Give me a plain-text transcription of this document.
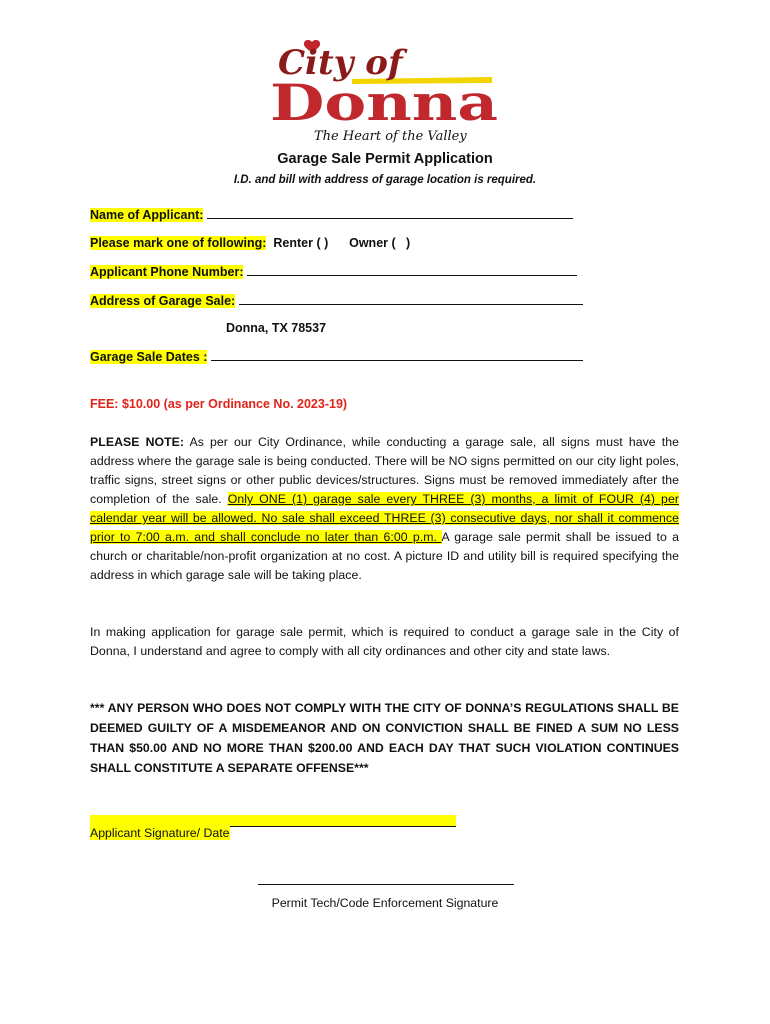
City of
Donna
The Heart of the Valley
Garage Sale Permit Application
I.D. and bill with address of garage location is required.
Name of Applicant:
Please mark one of following: Renter ( ) Owner (   )
Applicant Phone Number:
Address of Garage Sale:
Donna, TX 78537
Garage Sale Dates :
FEE: $10.00 (as per Ordinance No. 2023-19)
PLEASE NOTE: As per our City Ordinance, while conducting a garage sale, all signs must have the address where the garage sale is being conducted. There will be NO signs permitted on our city light poles, traffic signs, street signs or other public devices/structures. Signs must be removed immediately after the completion of the sale. Only ONE (1) garage sale every THREE (3) months, a limit of FOUR (4) per calendar year will be allowed. No sale shall exceed THREE (3) consecutive days, nor shall it commence prior to 7:00 a.m. and shall conclude no later than 6:00 p.m. A garage sale permit shall be issued to a church or charitable/non-profit organization at no cost. A picture ID and utility bill is required specifying the address in which garage sale will be taking place.
In making application for garage sale permit, which is required to conduct a garage sale in the City of Donna, I understand and agree to comply with all city ordinances and other city and state laws.
*** ANY PERSON WHO DOES NOT COMPLY WITH THE CITY OF DONNA’S REGULATIONS SHALL BE DEEMED GUILTY OF A MISDEMEANOR AND ON CONVICTION SHALL BE FINED A SUM NO LESS THAN $50.00 AND NO MORE THAN $200.00 AND EACH DAY THAT SUCH VIOLATION CONTINUES SHALL CONSTITUTE A SEPARATE OFFENSE***
Applicant Signature/ Date
Permit Tech/Code Enforcement Signature
